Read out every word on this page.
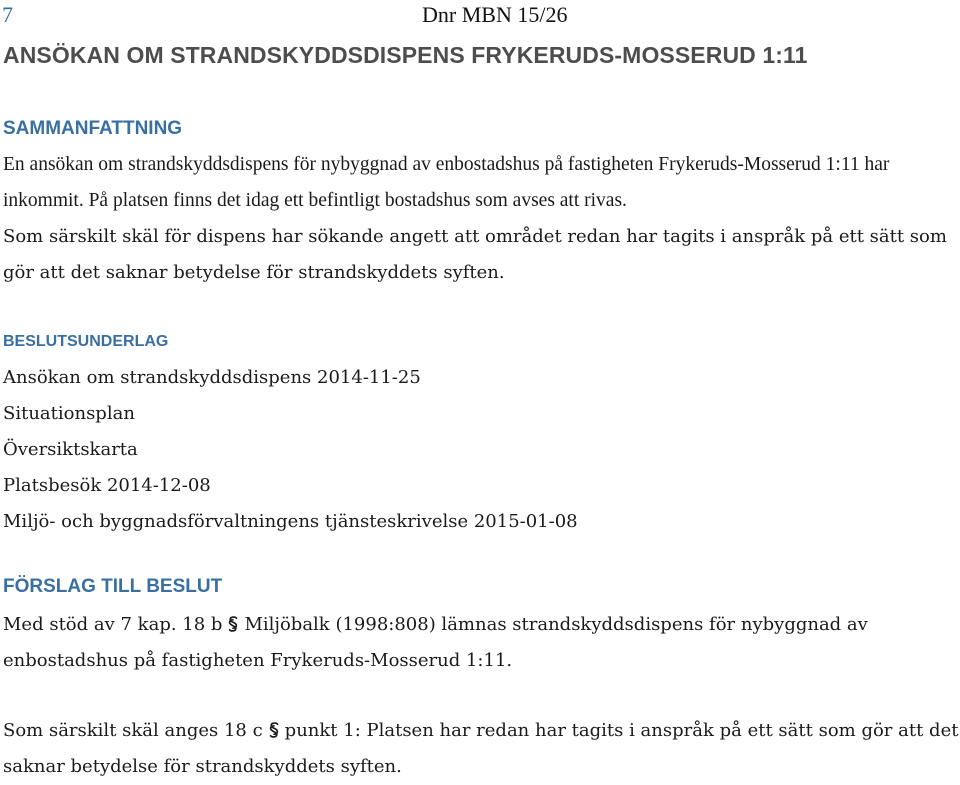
7	Dnr MBN 15/26
ANSÖKAN OM STRANDSKYDDSDISPENS FRYKERUDS-MOSSERUD 1:11
SAMMANFATTNING

En ansökan om strandskyddsdispens för nybyggnad av enbostadshus på fastigheten Frykeruds-Mosserud 1:11 har inkommit. På platsen finns det idag ett befintligt bostadshus som avses att rivas.

Som särskilt skäl för dispens har sökande angett att området redan har tagits i anspråk på ett sätt som gör att det saknar betydelse för strandskyddets syften.

BESLUTSUNDERLAG
Ansökan om strandskyddsdispens 2014-11-25
Situationsplan
Översiktskarta
Platsbesök 2014-12-08
Miljö- och byggnadsförvaltningens tjänsteskrivelse 2015-01-08
FÖRSLAG TILL BESLUT

Med stöd av 7 kap. 18 b Miljöbalk (1998:808) lämnas strandskyddsdispens för nybyggnad av enbostadshus på fastigheten Frykeruds-Mosserud 1:11.

Som särskilt skäl anges 18 c punkt 1: Platsen har redan har tagits i anspråk på ett sätt som gör att det saknar betydelse för strandskyddets syften.
